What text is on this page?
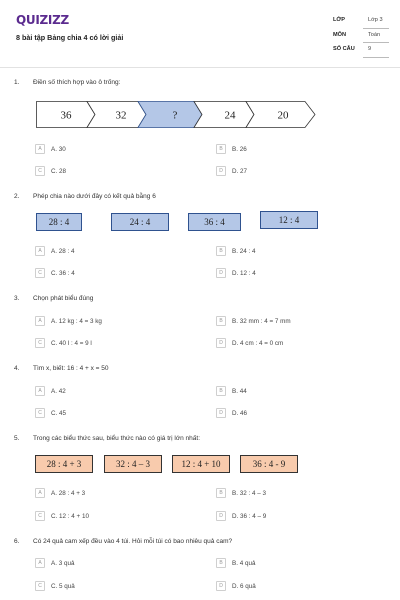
QUIZIZZ
8 bài tập Bảng chia 4 có lời giải
LỚP	Lớp 3
MÔN	Toán
SỐ CÂU 9
1. Điền số thích hợp vào ô trống:
36	32	?	24	20
A	A. 30	B	B. 26
C	C. 28	D	D. 27
2. Phép chia nào dưới đây có kết quả bằng 6
28 : 4	24 : 4	36 : 4	12 : 4
A	A. 28 : 4	B	B. 24 : 4
C	C. 36 : 4	D	D. 12 : 4
3. Chọn phát biểu đúng
A	A. 12 kg : 4 = 3 kg	B	B. 32 mm : 4 = 7 mm
C	C. 40 l : 4 = 9 l	D	D. 4 cm : 4 = 0 cm
4. Tìm x, biết: 16 : 4 + x = 50
A	A. 42	B	B. 44
C	C. 45	D	D. 46
5. Trong các biểu thức sau, biểu thức nào có giá trị lớn nhất:
28 : 4 + 3	32 : 4 – 3	12 : 4 + 10	36 : 4 - 9
A	A. 28 : 4 + 3	B	B. 32 : 4 – 3
C	C. 12 : 4 + 10	D	D. 36 : 4 – 9
6. Có 24 quả cam xếp đều vào 4 túi. Hỏi mỗi túi có bao nhiêu quả cam?
A	A. 3 quả	B	B. 4 quả
C	C. 5 quả	D	D. 6 quả
